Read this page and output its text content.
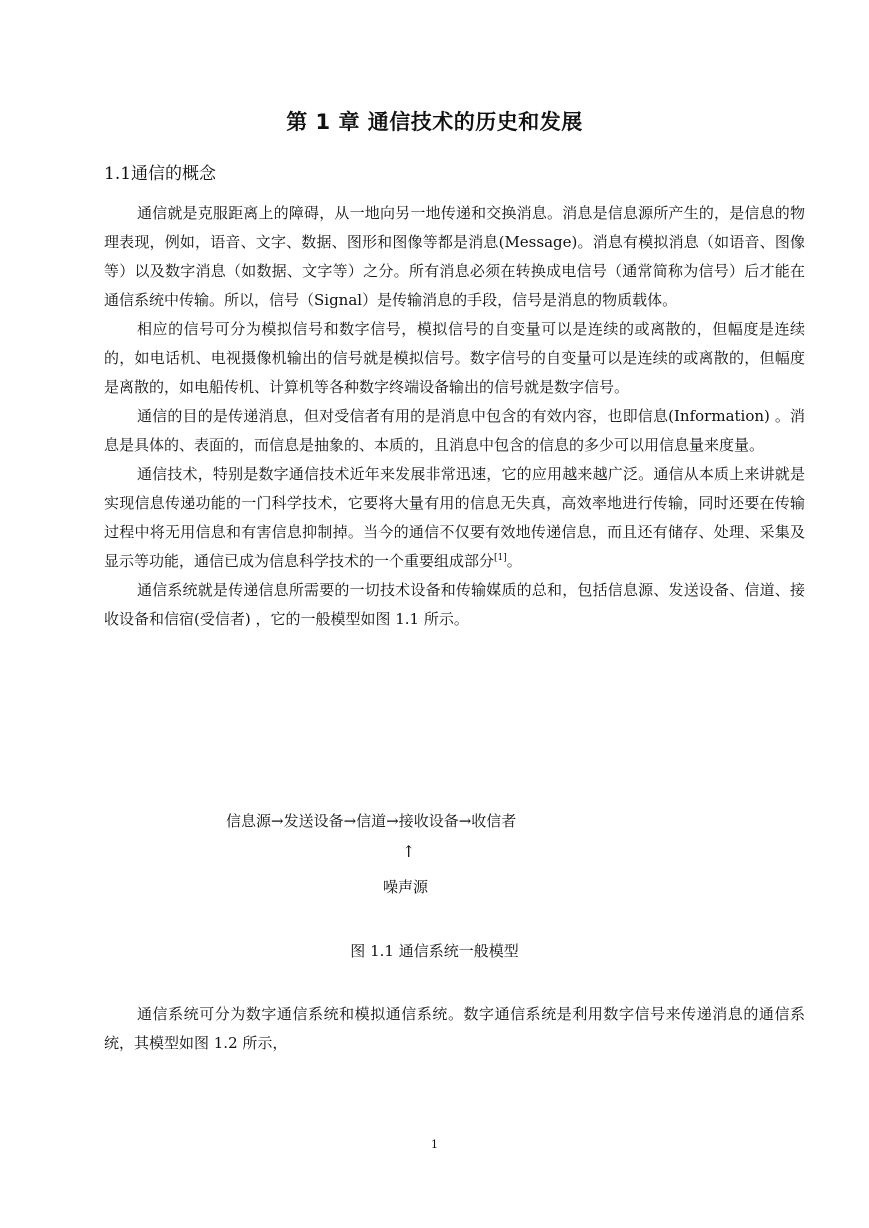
第 1 章 通信技术的历史和发展
1.1通信的概念

通信就是克服距离上的障碍，从一地向另一地传递和交换消息。消息是信息源所产生的，是信息的物理表现，例如，语音、文字、数据、图形和图像等都是消息(Message)。消息有模拟消息（如语音、图像等）以及数字消息（如数据、文字等）之分。所有消息必须在转换成电信号（通常简称为信号）后才能在通信系统中传输。所以，信号（Signal）是传输消息的手段，信号是消息的物质载体。

相应的信号可分为模拟信号和数字信号，模拟信号的自变量可以是连续的或离散的，但幅度是连续的，如电话机、电视摄像机输出的信号就是模拟信号。数字信号的自变量可以是连续的或离散的，但幅度是离散的，如电船传机、计算机等各种数字终端设备输出的信号就是数字信号。

通信的目的是传递消息，但对受信者有用的是消息中包含的有效内容，也即信息(Information) 。消息是具体的、表面的，而信息是抽象的、本质的，且消息中包含的信息的多少可以用信息量来度量。

通信技术，特别是数字通信技术近年来发展非常迅速，它的应用越来越广泛。通信从本质上来讲就是实现信息传递功能的一门科学技术，它要将大量有用的信息无失真，高效率地进行传输，同时还要在传输过程中将无用信息和有害信息抑制掉。当今的通信不仅要有效地传递信息，而且还有储存、处理、采集及显示等功能，通信已成为信息科学技术的一个重要组成部分[1]。

通信系统就是传递信息所需要的一切技术设备和传输媒质的总和，包括信息源、发送设备、信道、接收设备和信宿(受信者) ，它的一般模型如图 1.1 所示。

信息源→发送设备→信道→接收设备→收信者
↑
噪声源
图 1.1 通信系统一般模型

通信系统可分为数字通信系统和模拟通信系统。数字通信系统是利用数字信号来传递消息的通信系统，其模型如图 1.2 所示，

1
